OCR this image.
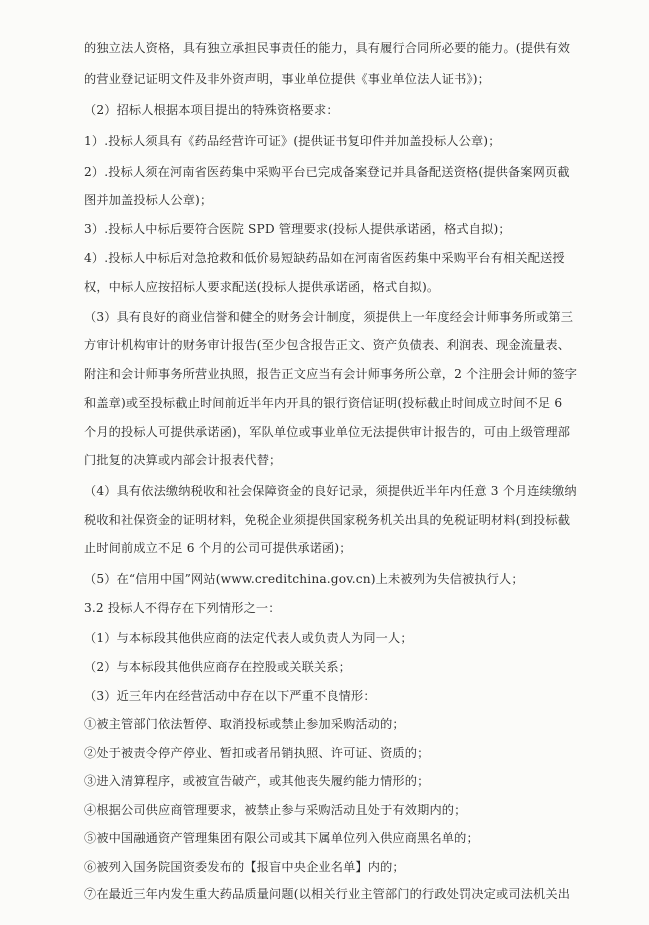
的独立法人资格，具有独立承担民事责任的能力，具有履行合同所必要的能力。(提供有效
的营业登记证明文件及非外资声明，事业单位提供《事业单位法人证书》)；
（2）招标人根据本项目提出的特殊资格要求：
1）.投标人须具有《药品经营许可证》(提供证书复印件并加盖投标人公章)；
2）.投标人须在河南省医药集中采购平台已完成备案登记并具备配送资格(提供备案网页截
图并加盖投标人公章)；
3）.投标人中标后要符合医院 SPD 管理要求(投标人提供承诺函，格式自拟)；
4）.投标人中标后对急抢救和低价易短缺药品如在河南省医药集中采购平台有相关配送授
权，中标人应按招标人要求配送(投标人提供承诺函，格式自拟)。
（3）具有良好的商业信誉和健全的财务会计制度，须提供上一年度经会计师事务所或第三
方审计机构审计的财务审计报告(至少包含报告正文、资产负债表、利润表、现金流量表、
附注和会计师事务所营业执照，报告正文应当有会计师事务所公章，2 个注册会计师的签字
和盖章)或至投标截止时间前近半年内开具的银行资信证明(投标截止时间成立时间不足 6
个月的投标人可提供承诺函)，军队单位或事业单位无法提供审计报告的，可由上级管理部
门批复的决算或内部会计报表代替；
（4）具有依法缴纳税收和社会保障资金的良好记录，须提供近半年内任意 3 个月连续缴纳
税收和社保资金的证明材料，免税企业须提供国家税务机关出具的免税证明材料(到投标截
止时间前成立不足 6 个月的公司可提供承诺函)；
（5）在“信用中国”网站(www.creditchina.gov.cn)上未被列为失信被执行人；
3.2 投标人不得存在下列情形之一：
（1）与本标段其他供应商的法定代表人或负责人为同一人；
（2）与本标段其他供应商存在控股或关联关系；
（3）近三年内在经营活动中存在以下严重不良情形：
①被主管部门依法暂停、取消投标或禁止参加采购活动的；
②处于被责令停产停业、暂扣或者吊销执照、许可证、资质的；
③进入清算程序，或被宣告破产，或其他丧失履约能力情形的；
④根据公司供应商管理要求，被禁止参与采购活动且处于有效期内的；
⑤被中国融通资产管理集团有限公司或其下属单位列入供应商黑名单的；
⑥被列入国务院国资委发布的【报盲中央企业名单】内的；
⑦在最近三年内发生重大药品质量问题(以相关行业主管部门的行政处罚决定或司法机关出
